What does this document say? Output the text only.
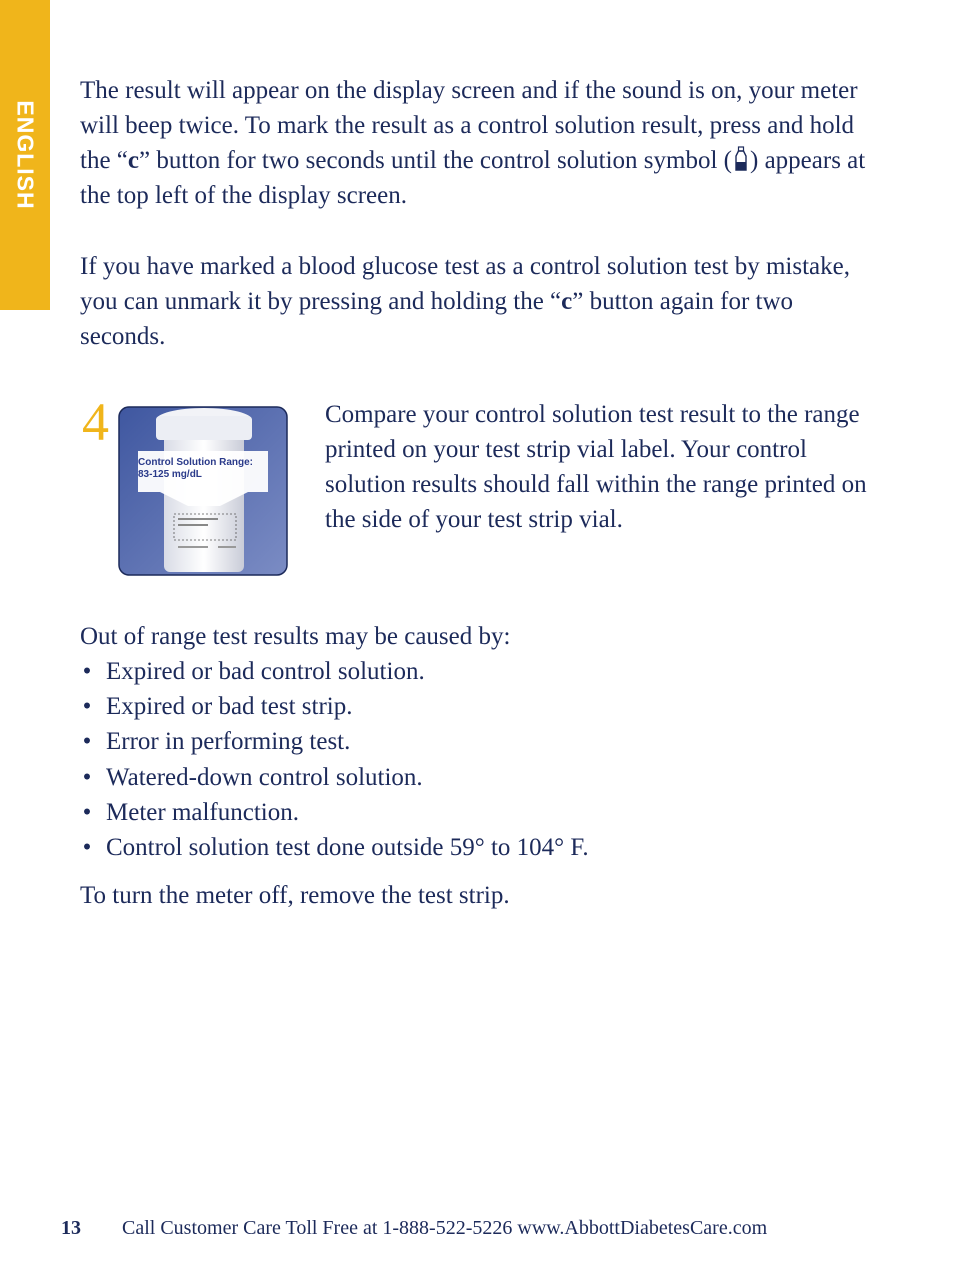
ENGLISH

The result will appear on the display screen and if the sound is on, your meter will beep twice. To mark the result as a control solution result, press and hold the “c” button for two seconds until the control solution symbol ( ) appears at the top left of the display screen.

If you have marked a blood glucose test as a control solution test by mistake, you can unmark it by pressing and holding the “c” button again for two seconds.

4
Control Solution Range:
83-125 mg/dL

Compare your control solution test result to the range printed on your test strip vial label. Your control solution results should fall within the range printed on the side of your test strip vial.

Out of range test results may be caused by:

• Expired or bad control solution.
• Expired or bad test strip.
• Error in performing test.
• Watered-down control solution.
• Meter malfunction.
• Control solution test done outside 59° to 104° F.

To turn the meter off, remove the test strip.

13 Call Customer Care Toll Free at 1-888-522-5226 www.AbbottDiabetesCare.com
